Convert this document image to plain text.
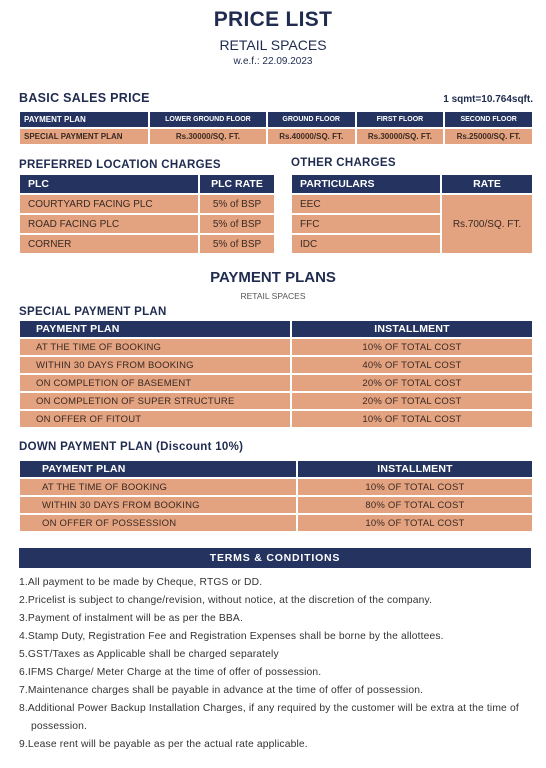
PRICE LIST
RETAIL SPACES
w.e.f.: 22.09.2023
BASIC SALES PRICE	1 sqmt=10.764sqft.
PAYMENT PLAN	LOWER GROUND FLOOR	GROUND FLOOR	FIRST FLOOR	SECOND FLOOR
SPECIAL PAYMENT PLAN	Rs.30000/SQ. FT.	Rs.40000/SQ. FT.	Rs.30000/SQ. FT.	Rs.25000/SQ. FT.
PREFERRED LOCATION CHARGES
PLC	PLC RATE
COURTYARD FACING PLC	5% of BSP
ROAD FACING PLC	5% of BSP
CORNER	5% of BSP
OTHER CHARGES
PARTICULARS	RATE
EEC	Rs.700/SQ. FT.
FFC	
IDC	
PAYMENT PLANS
RETAIL SPACES
SPECIAL PAYMENT PLAN
PAYMENT PLAN	INSTALLMENT
AT THE TIME OF BOOKING	10% OF TOTAL COST
WITHIN 30 DAYS FROM BOOKING	40% OF TOTAL COST
ON COMPLETION OF BASEMENT	20% OF TOTAL COST
ON COMPLETION OF SUPER STRUCTURE	20% OF TOTAL COST
ON OFFER OF FITOUT	10% OF TOTAL COST
DOWN PAYMENT PLAN (Discount 10%)
PAYMENT PLAN	INSTALLMENT
AT THE TIME OF BOOKING	10% OF TOTAL COST
WITHIN 30 DAYS FROM BOOKING	80% OF TOTAL COST
ON OFFER OF POSSESSION	10% OF TOTAL COST
TERMS & CONDITIONS
1.All payment to be made by Cheque, RTGS or DD.
2.Pricelist is subject to change/revision, without notice, at the discretion of the company.
3.Payment of instalment will be as per the BBA.
4.Stamp Duty, Registration Fee and Registration Expenses shall be borne by the allottees.
5.GST/Taxes as Applicable shall be charged separately
6.IFMS Charge/ Meter Charge at the time of offer of possession.
7.Maintenance charges shall be payable in advance at the time of offer of possession.
8.Additional Power Backup Installation Charges, if any required by the customer will be extra at the time of possession.
9.Lease rent will be payable as per the actual rate applicable.
